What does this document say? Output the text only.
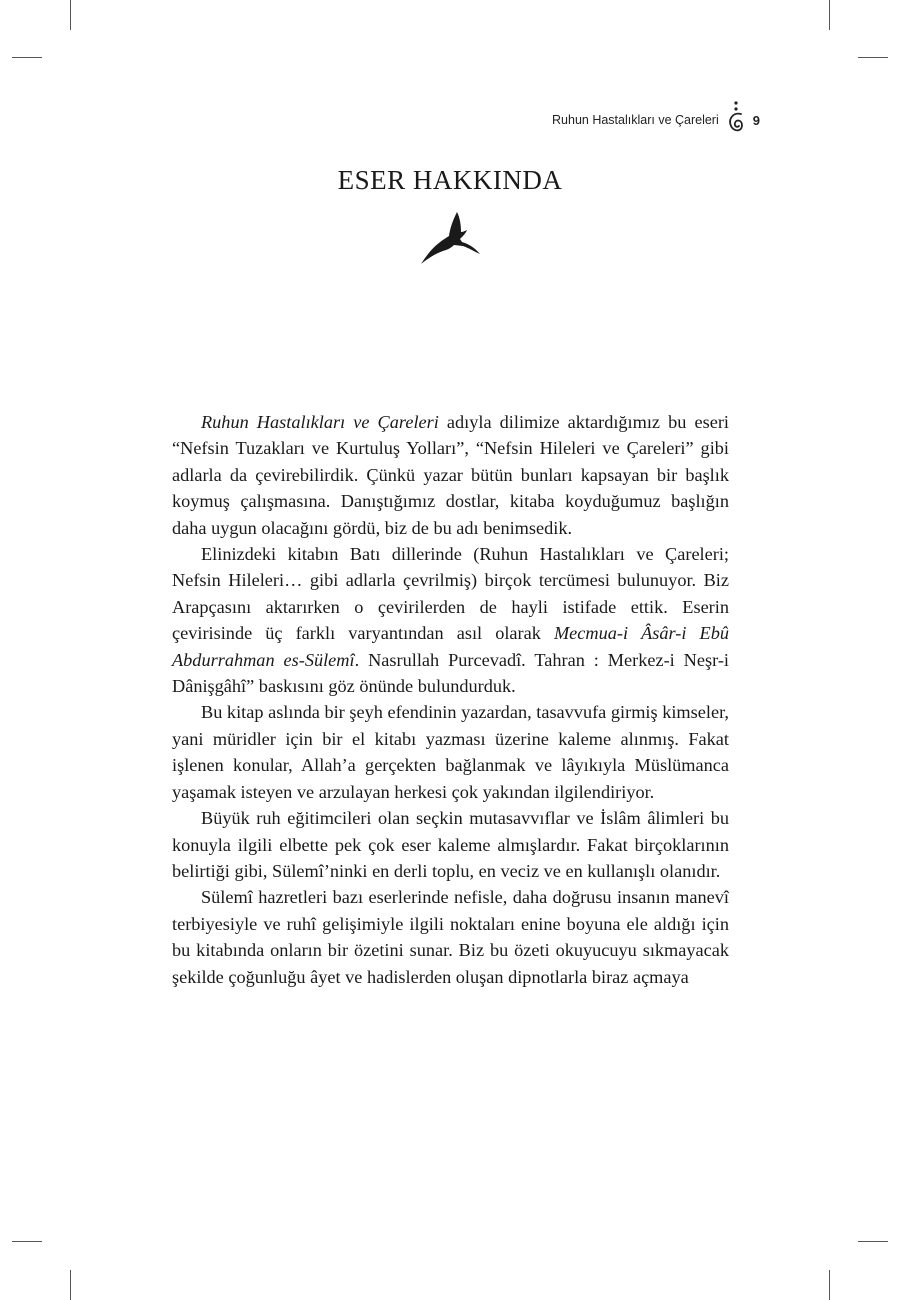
Ruhun Hastalıkları ve Çareleri	9
ESER HAKKINDA

Ruhun Hastalıkları ve Çareleri adıyla dilimize aktardığımız bu eseri “Nefsin Tuzakları ve Kurtuluş Yolları”, “Nefsin Hileleri ve Çareleri” gibi adlarla da çevirebilirdik. Çünkü yazar bütün bunları kapsayan bir başlık koymuş çalışmasına. Danıştığımız dostlar, kitaba koyduğumuz başlığın daha uygun olacağını gördü, biz de bu adı benimsedik.

Elinizdeki kitabın Batı dillerinde (Ruhun Hastalıkları ve Çareleri; Nefsin Hileleri… gibi adlarla çevrilmiş) birçok tercümesi bulunuyor. Biz Arapçasını aktarırken o çevirilerden de hayli istifade ettik. Eserin çevirisinde üç farklı varyantından asıl olarak Mecmua-i Âsâr-i Ebû Abdurrahman es-Sülemî. Nasrullah Purcevadî. Tahran : Merkez-i Neşr-i Dânişgâhî” baskısını göz önünde bulundurduk.

Bu kitap aslında bir şeyh efendinin yazardan, tasavvufa girmiş kimseler, yani müridler için bir el kitabı yazması üzerine kaleme alınmış. Fakat işlenen konular, Allah’a gerçekten bağlanmak ve lâyıkıyla Müslümanca yaşamak isteyen ve arzulayan herkesi çok yakından ilgilendiriyor.

Büyük ruh eğitimcileri olan seçkin mutasavvıflar ve İslâm âlimleri bu konuyla ilgili elbette pek çok eser kaleme almışlardır. Fakat birçoklarının belirtiği gibi, Sülemî’ninki en derli toplu, en veciz ve en kullanışlı olanıdır.

Sülemî hazretleri bazı eserlerinde nefisle, daha doğrusu insanın manevî terbiyesiyle ve ruhî gelişimiyle ilgili noktaları enine boyuna ele aldığı için bu kitabında onların bir özetini sunar. Biz bu özeti okuyucuyu sıkmayacak şekilde çoğunluğu âyet ve hadislerden oluşan dipnotlarla biraz açmaya
